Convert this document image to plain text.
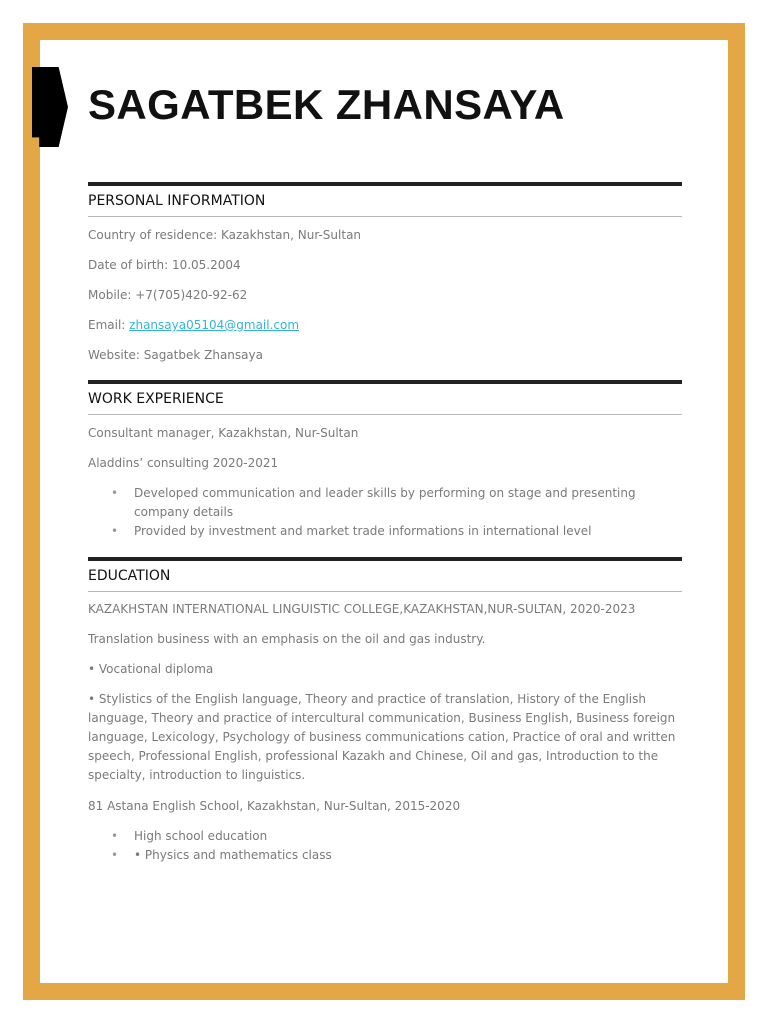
SAGATBEK ZHANSAYA
PERSONAL INFORMATION

Country of residence: Kazakhstan, Nur-Sultan

Date of birth: 10.05.2004

Mobile: +7(705)420-92-62

Email: zhansaya05104@gmail.com

Website: Sagatbek Zhansaya

WORK EXPERIENCE

Consultant manager, Kazakhstan, Nur-Sultan

Aladdins’ consulting 2020-2021

• Developed communication and leader skills by performing on stage and presenting company details
• Provided by investment and market trade informations in international level
EDUCATION

KAZAKHSTAN INTERNATIONAL LINGUISTIC COLLEGE,KAZAKHSTAN,NUR-SULTAN, 2020-2023

Translation business with an emphasis on the oil and gas industry.

• Vocational diploma

• Stylistics of the English language, Theory and practice of translation, History of the English language, Theory and practice of intercultural communication, Business English, Business foreign language, Lexicology, Psychology of business communications cation, Practice of oral and written speech, Professional English, professional Kazakh and Chinese, Oil and gas, Introduction to the specialty, introduction to linguistics.

81 Astana English School, Kazakhstan, Nur-Sultan, 2015-2020

• High school education
• • Physics and mathematics class
